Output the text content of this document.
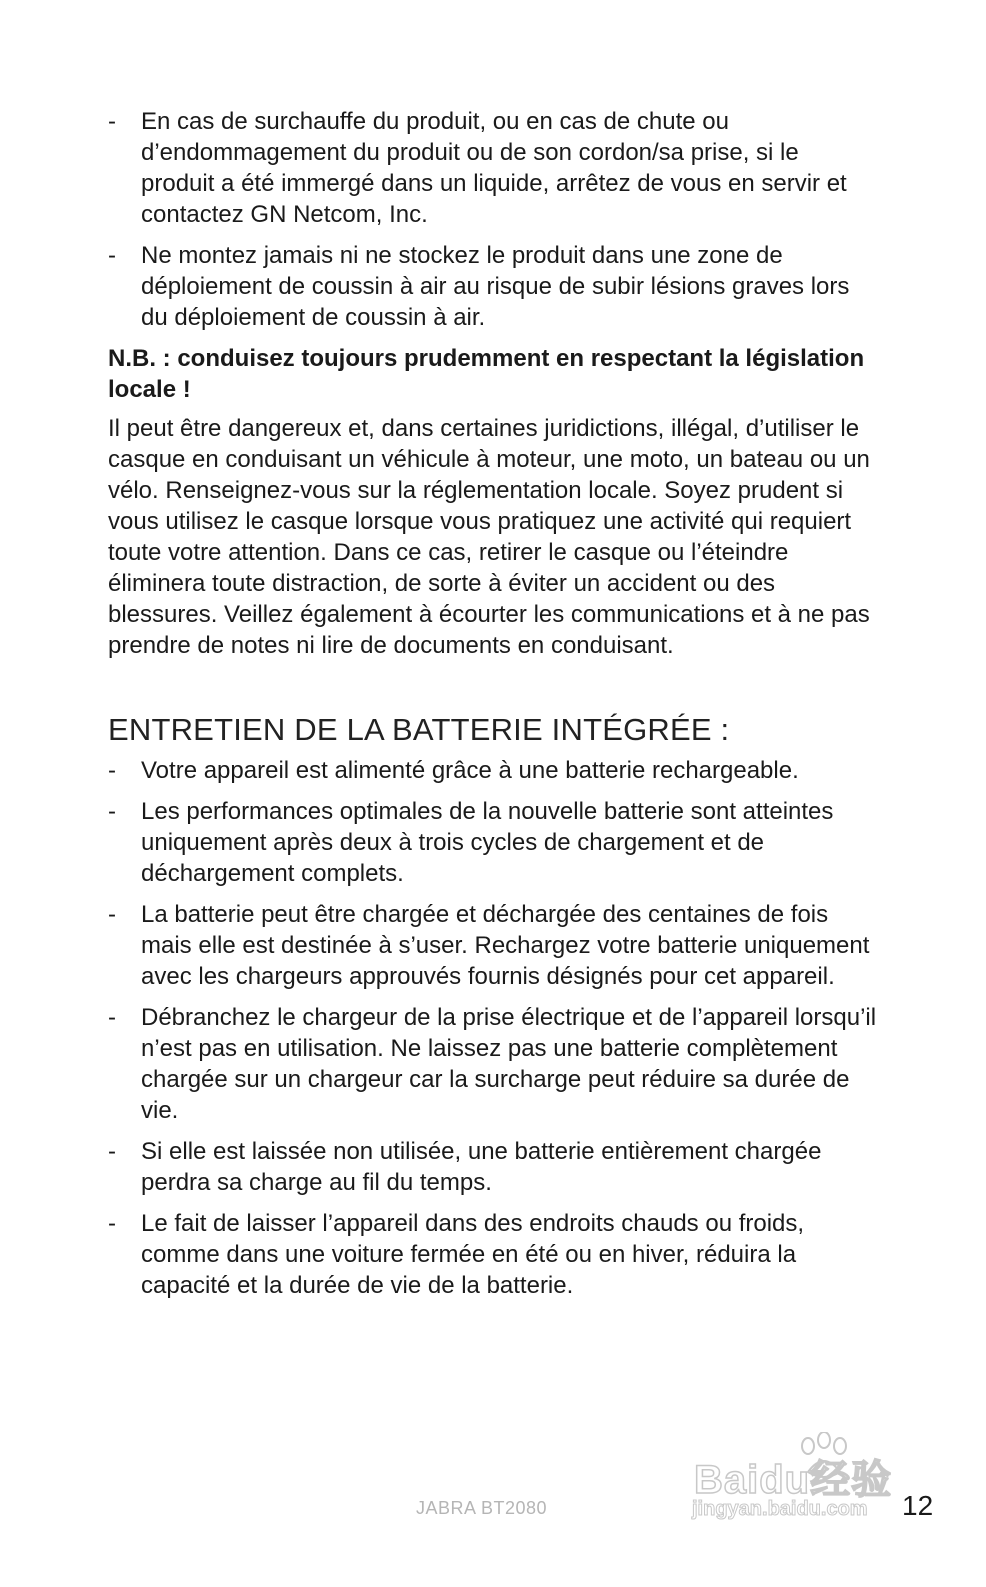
-	En cas de surchauffe du produit, ou en cas de chute ou d’endommagement du produit ou de son cordon/sa prise, si le produit a été immergé dans un liquide, arrêtez de vous en servir et contactez GN Netcom, Inc.
-	Ne montez jamais ni ne stockez le produit dans une zone de déploiement de coussin à air au risque de subir lésions graves lors du déploiement de coussin à air.
N.B. : conduisez toujours prudemment en respectant la législation locale !
Il peut être dangereux et, dans certaines juridictions, illégal, d’utiliser le casque en conduisant un véhicule à moteur, une moto, un bateau ou un vélo. Renseignez-vous sur la réglementation locale. Soyez prudent si vous utilisez le casque lorsque vous pratiquez une activité qui requiert toute votre attention. Dans ce cas, retirer le casque ou l’éteindre éliminera toute distraction, de sorte à éviter un accident ou des blessures. Veillez également à écourter les communications et à ne pas prendre de notes ni lire de documents en conduisant.
ENTRETIEN DE LA BATTERIE INTÉGRÉE :
-	Votre appareil est alimenté grâce à une batterie rechargeable.
-	Les performances optimales de la nouvelle batterie sont atteintes uniquement après deux à trois cycles de chargement et de déchargement complets.
-	La batterie peut être chargée et déchargée des centaines de fois mais elle est destinée à s’user. Rechargez votre batterie uniquement avec les chargeurs approuvés fournis désignés pour cet appareil.
-	Débranchez le chargeur de la prise électrique et de l’appareil lorsqu’il n’est pas en utilisation. Ne laissez pas une batterie complètement chargée sur un chargeur car la surcharge peut réduire sa durée de vie.
-	Si elle est laissée non utilisée, une batterie entièrement chargée perdra sa charge au fil du temps.
-	Le fait de laisser l’appareil dans des endroits chauds ou froids, comme dans une voiture fermée en été ou en hiver, réduira la capacité et la durée de vie de la batterie.
Baidu经验
jingyan.baidu.com
JABRA BT2080	12
